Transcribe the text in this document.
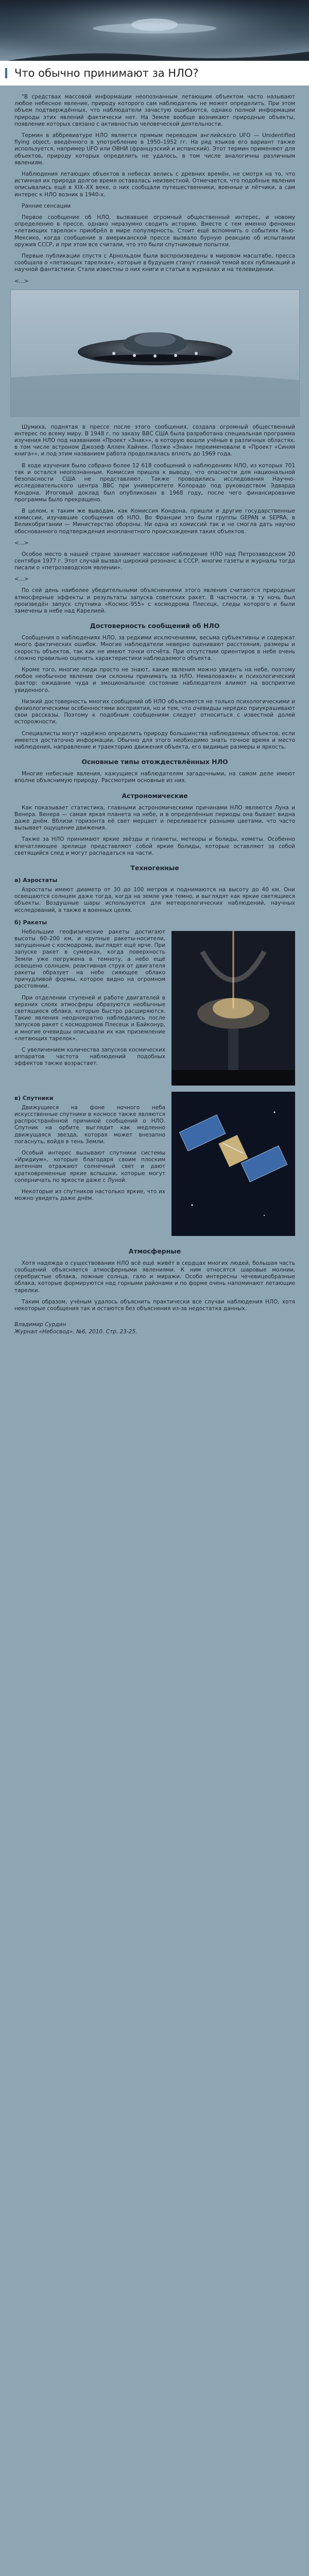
Что обычно принимают за НЛО?

"В средствах массовой информации неопознанным летающим объектом часто называют любое небесное явление, природу которого сам наблюдатель не может определить. При этом объем подтверждённых, что наблюдатели зачастую ошибаются, однако полной информации природы этих явлений фактически нет. На Земле вообще возникают природные объекты, появление которых связано с активностью человеческой деятельности.

Термин в аббревиатуре НЛО является прямым переводом английского UFO — Unidentified flying object, введённого в употребление в 1950–1952 гг. На ряд языков его вариант также используется, например UFO или ОВНИ (французский и испанский). Этот термин применяют для объектов, природу которых определить не удалось, в том числе аналогичны различным явлениям.

Наблюдения летающих объектов в небесах велись с древних времён, не смотря на то, что истинная их природа долгое время оставалась неизвестной. Отмечается, что подобные явления описывались ещё в XIX–XX веке, о них сообщали путешественники, военные и лётчики, а сам интерес к НЛО возник в 1940-х.

Ранние сенсации

Первое сообщение об НЛО, вызвавшее огромный общественный интерес, и новому определению в прессе, однако неразумно сводить историю. Вместе с тем именно феномен «летающих тарелок» приобрёл в мире популярность. Стоит ещё вспомнить о событиях Нью-Мексико, когда сообщение в американской прессе вызвало бурную реакцию об испытании оружия СССР, и при этом все считали, что это были спутниковые попытки.

Первые публикации спустя с Арнольдом были воспроизведены в мировом масштабе, пресса сообщала о «летающих тарелках», которые в будущем станут главной темой всех публикаций и научной фантастики. Стали известны о них книги и статьи в журналах и на телевидении.

<...>

Шумиха, поднятая в прессе после этого сообщения, создала огромный общественный интерес по всему миру. В 1948 г. по заказу ВВС США была разработана специальная программа изучения НЛО под названием «Проект «Знак»», в которую вошли учёные в различных областях, в том числе астроном Джозеф Аллен Хайнек. Позже «Знак» переименовали в «Проект «Синяя книга»», и под этим названием работа продолжалась вплоть до 1969 года.

В ходе изучения было собрано более 12 618 сообщений о наблюдениях НЛО, из которых 701 так и остался неопознанным. Комиссия пришла к выводу, что опасности для национальной безопасности США не представляют. Также проводились исследования Научно-исследовательского центра ВВС при университете Колорадо под руководством Эдварда Кондона. Итоговый доклад был опубликован в 1968 году, после чего финансирование программы было прекращено.

В целом, к таким же выводам, как Комиссия Кондона, пришли и другие государственные комиссии, изучавшие сообщения об НЛО. Во Франции это были группы GEPAN и SEPRA, в Великобритании — Министерство обороны. Ни одна из комиссий так и не смогла дать научно обоснованного подтверждения инопланетного происхождения таких объектов.

<...>

Особое место в нашей стране занимает массовое наблюдение НЛО над Петрозаводском 20 сентября 1977 г. Этот случай вызвал широкий резонанс в СССР, многие газеты и журналы тогда писали о «петрозаводском явлении».

<...>

По сей день наиболее убедительными объяснениями этого явления считаются природные атмосферные эффекты и результаты запуска советских ракет. В частности, в ту ночь был произведён запуск спутника «Космос-955» с космодрома Плесецк, следы которого и были замечены в небе над Карелией.

Достоверность сообщений об НЛО

Сообщения о наблюдениях НЛО, за редкими исключениями, весьма субъективны и содержат много фактических ошибок. Многие наблюдатели неверно оценивают расстояния, размеры и скорость объектов, так как не имеют точки отсчёта. При отсутствии ориентиров в небе очень сложно правильно оценить характеристики наблюдаемого объекта.

Кроме того, многие люди просто не знают, какие явления можно увидеть на небе, поэтому любое необычное явление они склонны принимать за НЛО. Немаловажен и психологический фактор: ожидание чуда и эмоциональное состояние наблюдателя влияют на восприятие увиденного.

Низкий достоверность многих сообщений об НЛО объясняется не только психологическими и физиологическими особенностями восприятия, но и тем, что очевидцы нередко приукрашивают свои рассказы. Поэтому к подобным сообщениям следует относиться с известной долей осторожности.

Специалисты могут надёжно определить природу большинства наблюдаемых объектов, если имеется достаточно информации. Обычно для этого необходимо знать точное время и место наблюдения, направление и траекторию движения объекта, его видимые размеры и яркость.

Основные типы отождествлённых НЛО

Многие небесные явления, кажущиеся наблюдателям загадочными, на самом деле имеют вполне объяснимую природу. Рассмотрим основные из них.

Астрономические

Как показывает статистика, главными астрономическими причинами НЛО являются Луна и Венера. Венера — самая яркая планета на небе, и в определённые периоды она бывает видна даже днём. Вблизи горизонта её свет мерцает и переливается разными цветами, что часто вызывает ощущение движения.

Также за НЛО принимают яркие звёзды и планеты, метеоры и болиды, кометы. Особенно впечатляющее зрелище представляют собой яркие болиды, которые оставляют за собой светящийся след и могут распадаться на части.

Техногенные
а) Аэростаты

Аэростаты имеют диаметр от 30 до 100 метров и поднимаются на высоту до 40 км. Они освещаются солнцем даже тогда, когда на земле уже темно, и выглядят как яркие светящиеся объекты. Воздушные шары используются для метеорологических наблюдений, научных исследований, а также в военных целях.

б) Ракеты

Небольшие геофизические ракеты достигают высоты 60–200 км, и крупные ракеты-носители, запущенные с космодрома, выглядят ещё ярче. При запуске ракет в сумерках, когда поверхность Земли уже погружена в темноту, а небо ещё освещено солнцем, реактивная струя от двигателя ракеты образует на небе сияющее облако причудливой формы, которое видно на огромном расстоянии.

При отделении ступеней и работе двигателей в верхних слоях атмосферы образуются необычные светящиеся облака, которые быстро расширяются. Такие явления неоднократно наблюдались после запусков ракет с космодромов Плесецк и Байконур, и многие очевидцы описывали их как приземление «летающих тарелок».

С увеличением количества запусков космических аппаратов частота наблюдений подобных эффектов также возрастает.

в) Спутники

Движущиеся на фоне ночного неба искусственные спутники в космосе также являются распространённой причиной сообщений о НЛО. Спутник на орбите выглядит как медленно движущаяся звезда, которая может внезапно погаснуть, войдя в тень Земли.

Особый интерес вызывают спутники системы «Иридиум», которые благодаря своим плоским антеннам отражают солнечный свет и дают кратковременные яркие вспышки, которые могут соперничать по яркости даже с Луной.

Некоторые из спутников настолько яркие, что их можно увидеть даже днём.

Атмосферные

Хотя надежда о существовании НЛО всё ещё живёт в сердцах многих людей, большая часть сообщений объясняется атмосферными явлениями. К ним относятся шаровые молнии, серебристые облака, ложные солнца, гало и миражи. Особо интересны чечевицеобразные облака, которые формируются над горными районами и по форме очень напоминают летающие тарелки.

Таким образом, учёным удалось объяснить практически все случаи наблюдения НЛО, хотя некоторые сообщения так и остаются без объяснения из-за недостатка данных.

Владимир Сурдин
Журнал «Небосвод», №6, 2010. Стр. 23-25.
